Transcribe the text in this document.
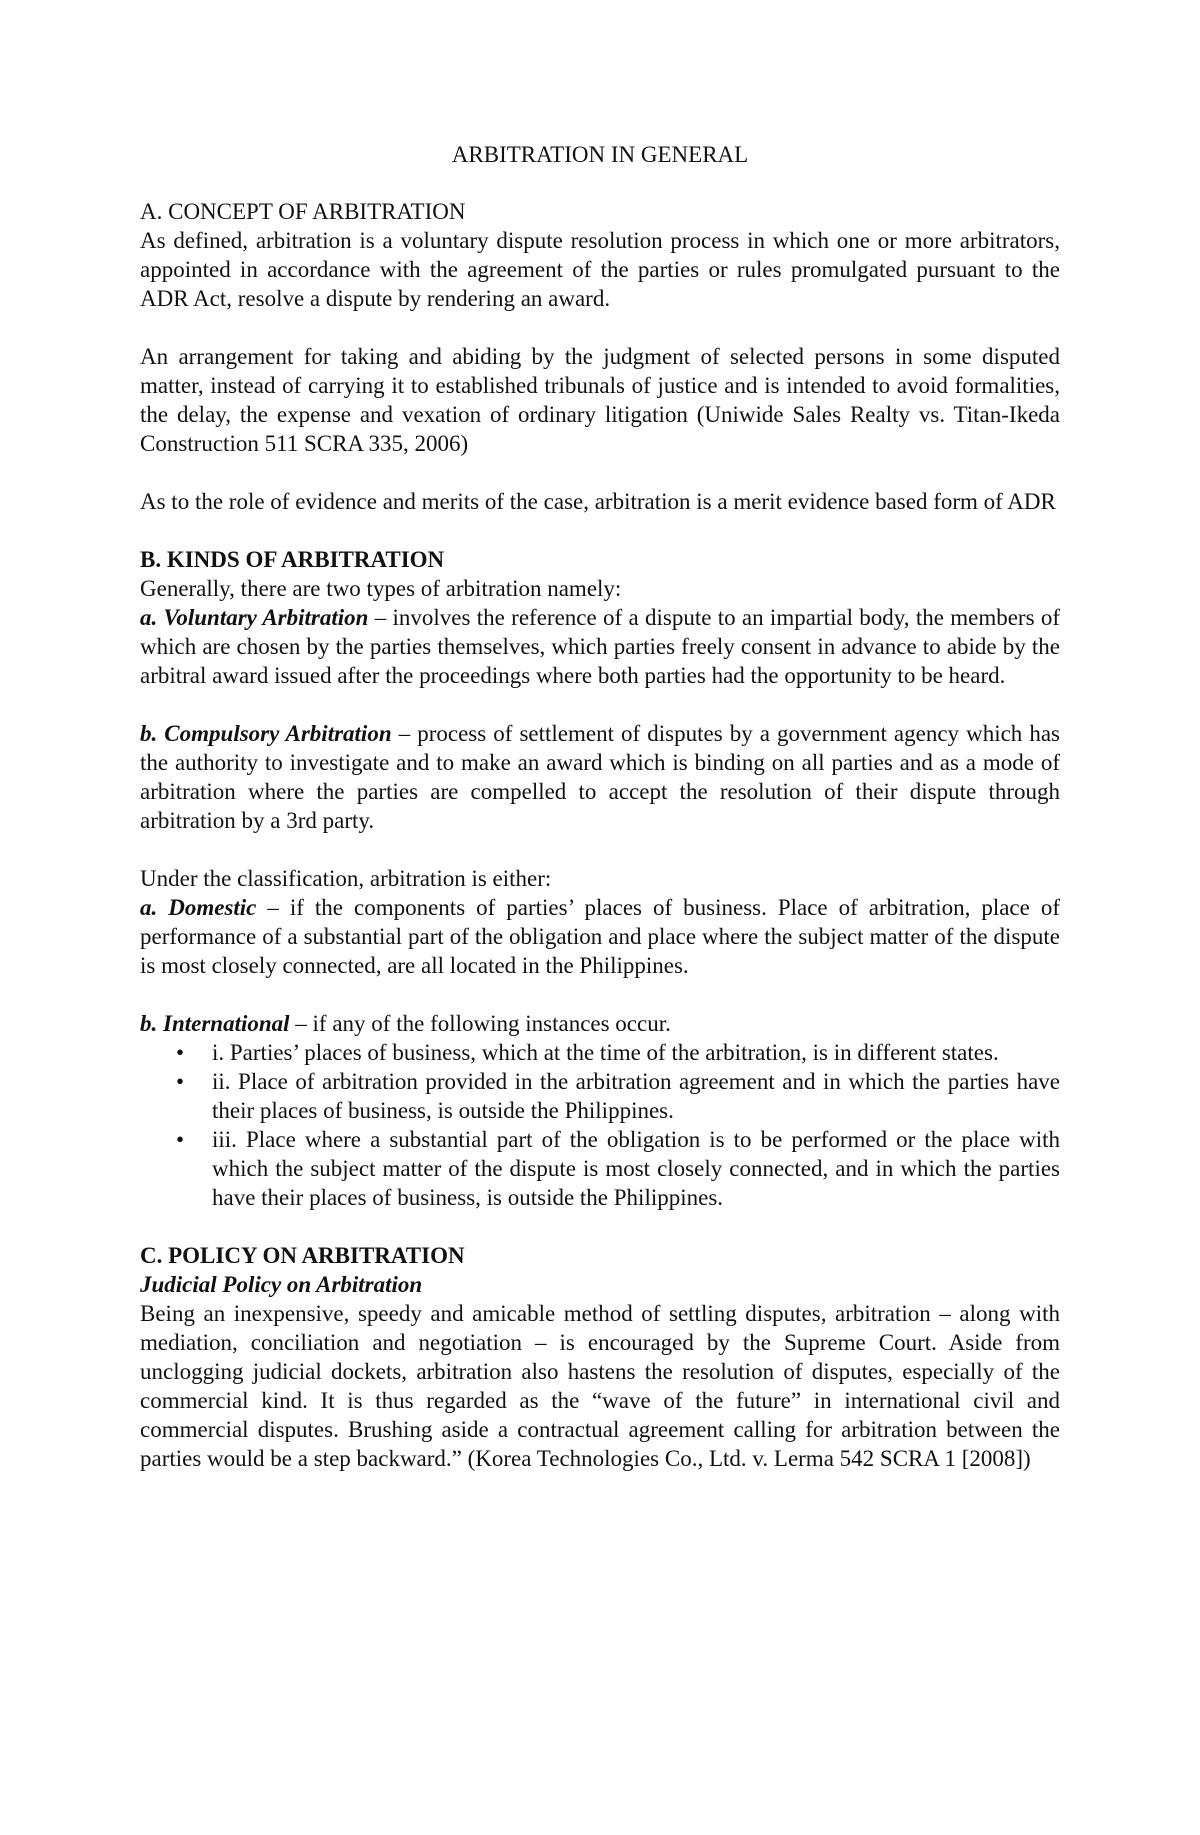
ARBITRATION IN GENERAL
A. CONCEPT OF ARBITRATION

As defined, arbitration is a voluntary dispute resolution process in which one or more arbitrators, appointed in accordance with the agreement of the parties or rules promulgated pursuant to the ADR Act, resolve a dispute by rendering an award.

An arrangement for taking and abiding by the judgment of selected persons in some disputed matter, instead of carrying it to established tribunals of justice and is intended to avoid formalities, the delay, the expense and vexation of ordinary litigation (Uniwide Sales Realty vs. Titan-Ikeda Construction 511 SCRA 335, 2006)

As to the role of evidence and merits of the case, arbitration is a merit evidence based form of ADR

B. KINDS OF ARBITRATION

Generally, there are two types of arbitration namely:

a. Voluntary Arbitration – involves the reference of a dispute to an impartial body, the members of which are chosen by the parties themselves, which parties freely consent in advance to abide by the arbitral award issued after the proceedings where both parties had the opportunity to be heard.

b. Compulsory Arbitration – process of settlement of disputes by a government agency which has the authority to investigate and to make an award which is binding on all parties and as a mode of arbitration where the parties are compelled to accept the resolution of their dispute through arbitration by a 3rd party.

Under the classification, arbitration is either:

a. Domestic – if the components of parties’ places of business. Place of arbitration, place of performance of a substantial part of the obligation and place where the subject matter of the dispute is most closely connected, are all located in the Philippines.

b. International – if any of the following instances occur.

• i. Parties’ places of business, which at the time of the arbitration, is in different states.
• ii. Place of arbitration provided in the arbitration agreement and in which the parties have their places of business, is outside the Philippines.
• iii. Place where a substantial part of the obligation is to be performed or the place with which the subject matter of the dispute is most closely connected, and in which the parties have their places of business, is outside the Philippines.
C. POLICY ON ARBITRATION
Judicial Policy on Arbitration

Being an inexpensive, speedy and amicable method of settling disputes, arbitration – along with mediation, conciliation and negotiation – is encouraged by the Supreme Court. Aside from unclogging judicial dockets, arbitration also hastens the resolution of disputes, especially of the commercial kind. It is thus regarded as the “wave of the future” in international civil and commercial disputes. Brushing aside a contractual agreement calling for arbitration between the parties would be a step backward.” (Korea Technologies Co., Ltd. v. Lerma 542 SCRA 1 [2008])
